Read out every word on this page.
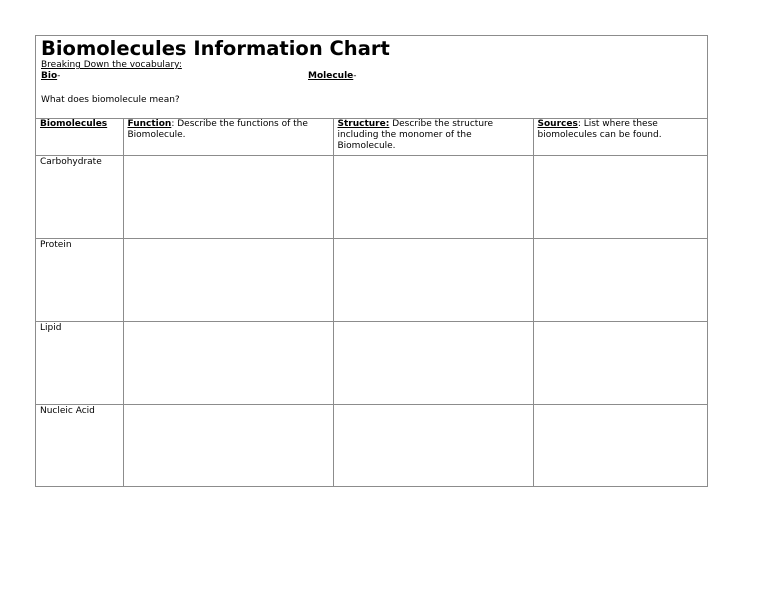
Biomolecules Information Chart
Breaking Down the vocabulary:
Bio-	Molecule-
What does biomolecule mean?
Biomolecules	Function: Describe the functions of the Biomolecule.	Structure: Describe the structure including the monomer of the Biomolecule.	Sources: List where these biomolecules can be found.
Carbohydrate			
Protein			
Lipid			
Nucleic Acid			
